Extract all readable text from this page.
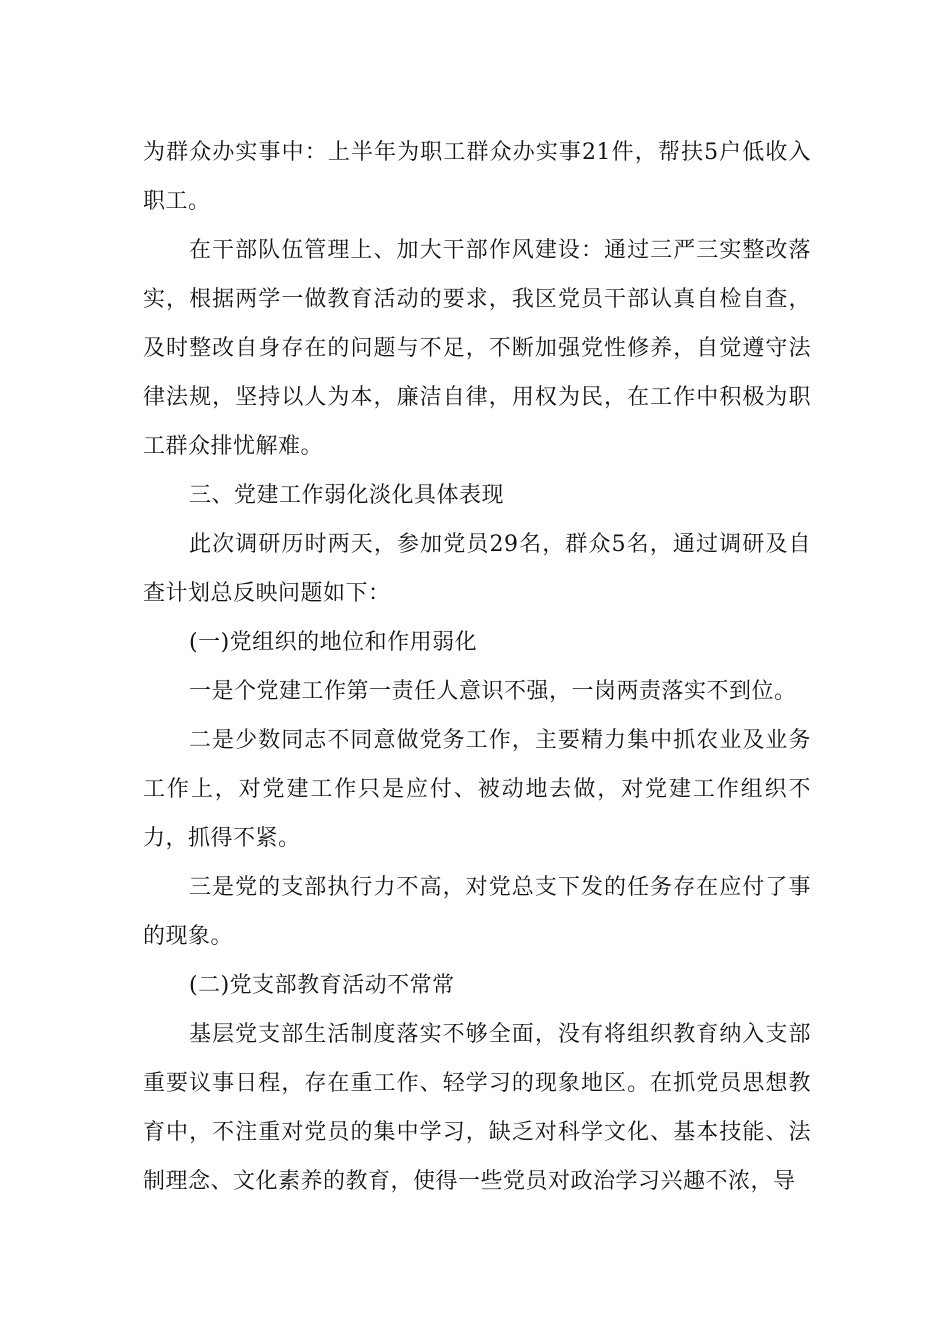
为群众办实事中：上半年为职工群众办实事21件，帮扶5户低收入职工。

在干部队伍管理上、加大干部作风建设：通过三严三实整改落实，根据两学一做教育活动的要求，我区党员干部认真自检自查，及时整改自身存在的问题与不足，不断加强党性修养，自觉遵守法律法规，坚持以人为本，廉洁自律，用权为民，在工作中积极为职工群众排忧解难。

三、党建工作弱化淡化具体表现

此次调研历时两天，参加党员29名，群众5名，通过调研及自查计划总反映问题如下：

(一)党组织的地位和作用弱化

一是个党建工作第一责任人意识不强，一岗两责落实不到位。

二是少数同志不同意做党务工作，主要精力集中抓农业及业务工作上，对党建工作只是应付、被动地去做，对党建工作组织不力，抓得不紧。

三是党的支部执行力不高，对党总支下发的任务存在应付了事的现象。

(二)党支部教育活动不常常

基层党支部生活制度落实不够全面，没有将组织教育纳入支部重要议事日程，存在重工作、轻学习的现象地区。在抓党员思想教育中，不注重对党员的集中学习，缺乏对科学文化、基本技能、法制理念、文化素养的教育，使得一些党员对政治学习兴趣不浓，导
